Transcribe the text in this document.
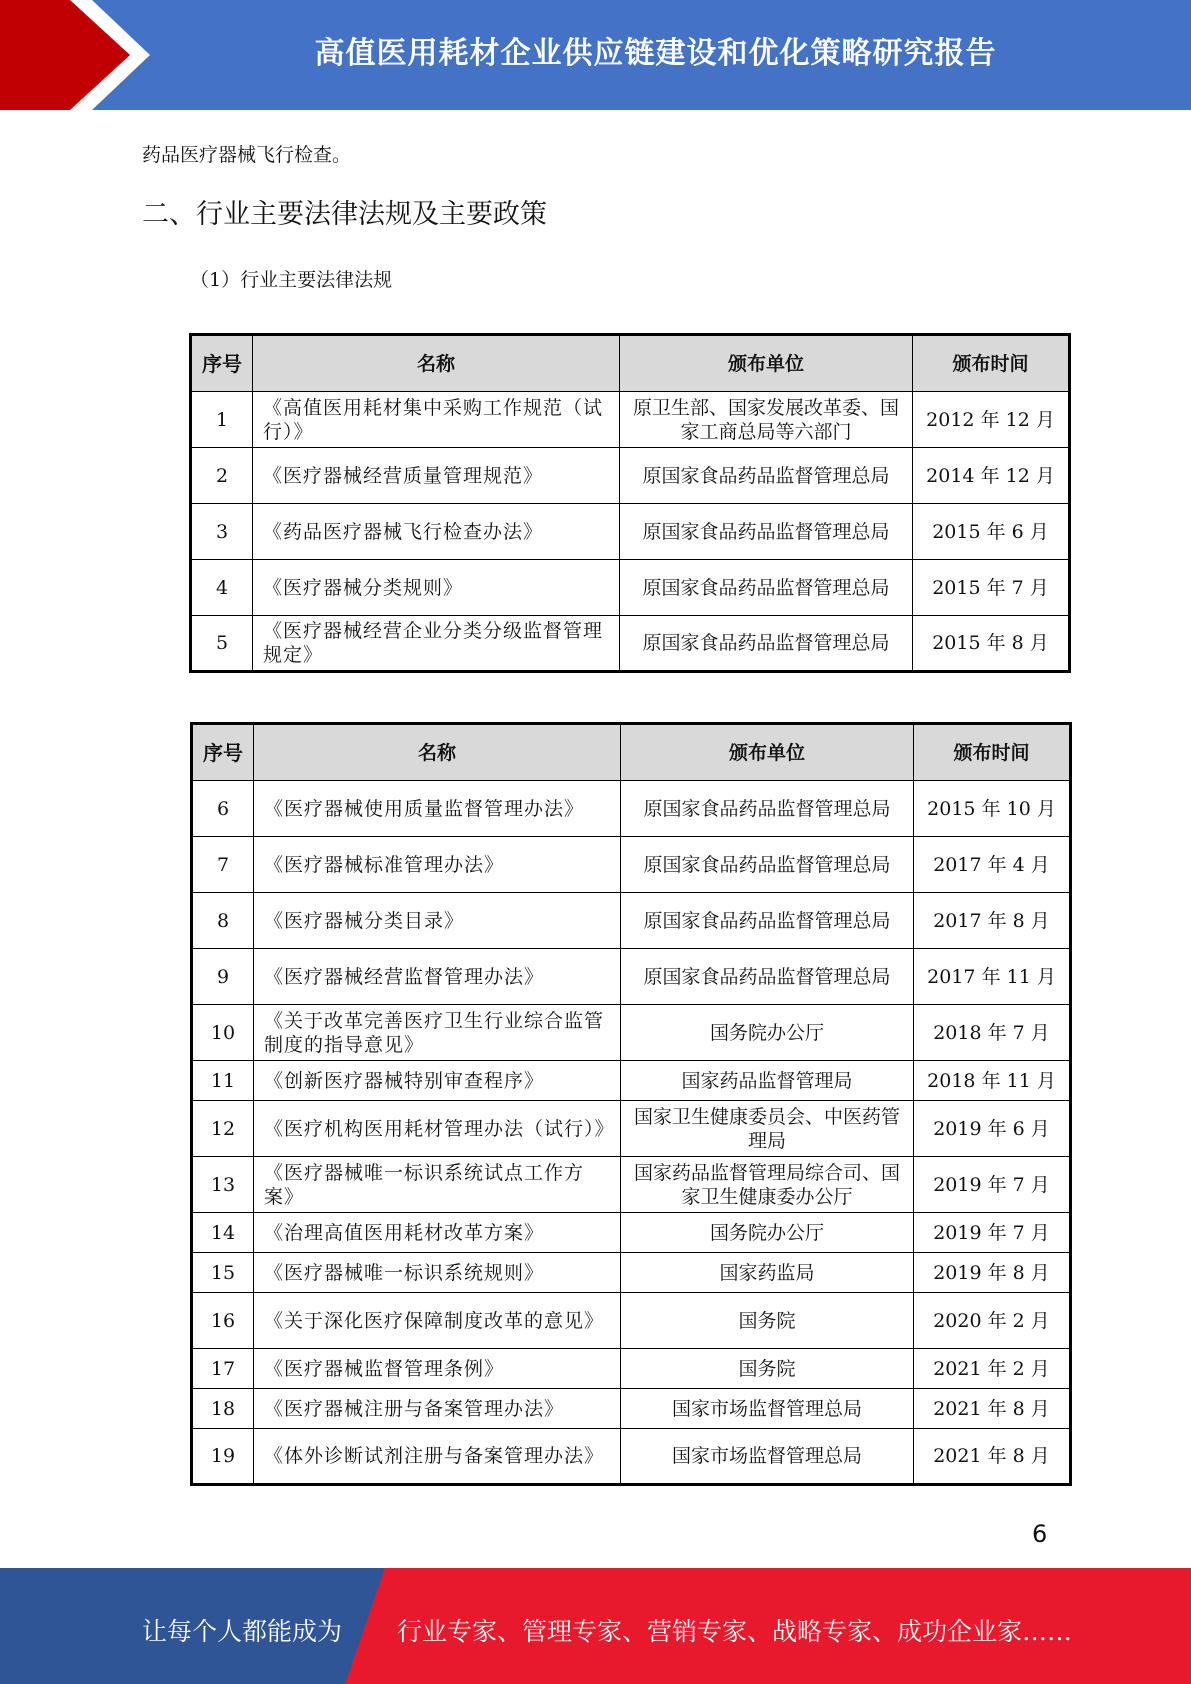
高值医用耗材企业供应链建设和优化策略研究报告
药品医疗器械飞行检查。
二、行业主要法律法规及主要政策
（1）行业主要法律法规
序号	名称	颁布单位	颁布时间
1	《高值医用耗材集中采购工作规范（试行）》	原卫生部、国家发展改革委、国家工商总局等六部门	2012 年 12 月
2	《医疗器械经营质量管理规范》	原国家食品药品监督管理总局	2014 年 12 月
3	《药品医疗器械飞行检查办法》	原国家食品药品监督管理总局	2015 年 6 月
4	《医疗器械分类规则》	原国家食品药品监督管理总局	2015 年 7 月
5	《医疗器械经营企业分类分级监督管理规定》	原国家食品药品监督管理总局	2015 年 8 月
序号	名称	颁布单位	颁布时间
6	《医疗器械使用质量监督管理办法》	原国家食品药品监督管理总局	2015 年 10 月
7	《医疗器械标准管理办法》	原国家食品药品监督管理总局	2017 年 4 月
8	《医疗器械分类目录》	原国家食品药品监督管理总局	2017 年 8 月
9	《医疗器械经营监督管理办法》	原国家食品药品监督管理总局	2017 年 11 月
10	《关于改革完善医疗卫生行业综合监管制度的指导意见》	国务院办公厅	2018 年 7 月
11	《创新医疗器械特别审查程序》	国家药品监督管理局	2018 年 11 月
12	《医疗机构医用耗材管理办法（试行）》	国家卫生健康委员会、中医药管理局	2019 年 6 月
13	《医疗器械唯一标识系统试点工作方案》	国家药品监督管理局综合司、国家卫生健康委办公厅	2019 年 7 月
14	《治理高值医用耗材改革方案》	国务院办公厅	2019 年 7 月
15	《医疗器械唯一标识系统规则》	国家药监局	2019 年 8 月
16	《关于深化医疗保障制度改革的意见》	国务院	2020 年 2 月
17	《医疗器械监督管理条例》	国务院	2021 年 2 月
18	《医疗器械注册与备案管理办法》	国家市场监督管理总局	2021 年 8 月
19	《体外诊断试剂注册与备案管理办法》	国家市场监督管理总局	2021 年 8 月
6
让每个人都能成为 行业专家、管理专家、营销专家、战略专家、成功企业家……
